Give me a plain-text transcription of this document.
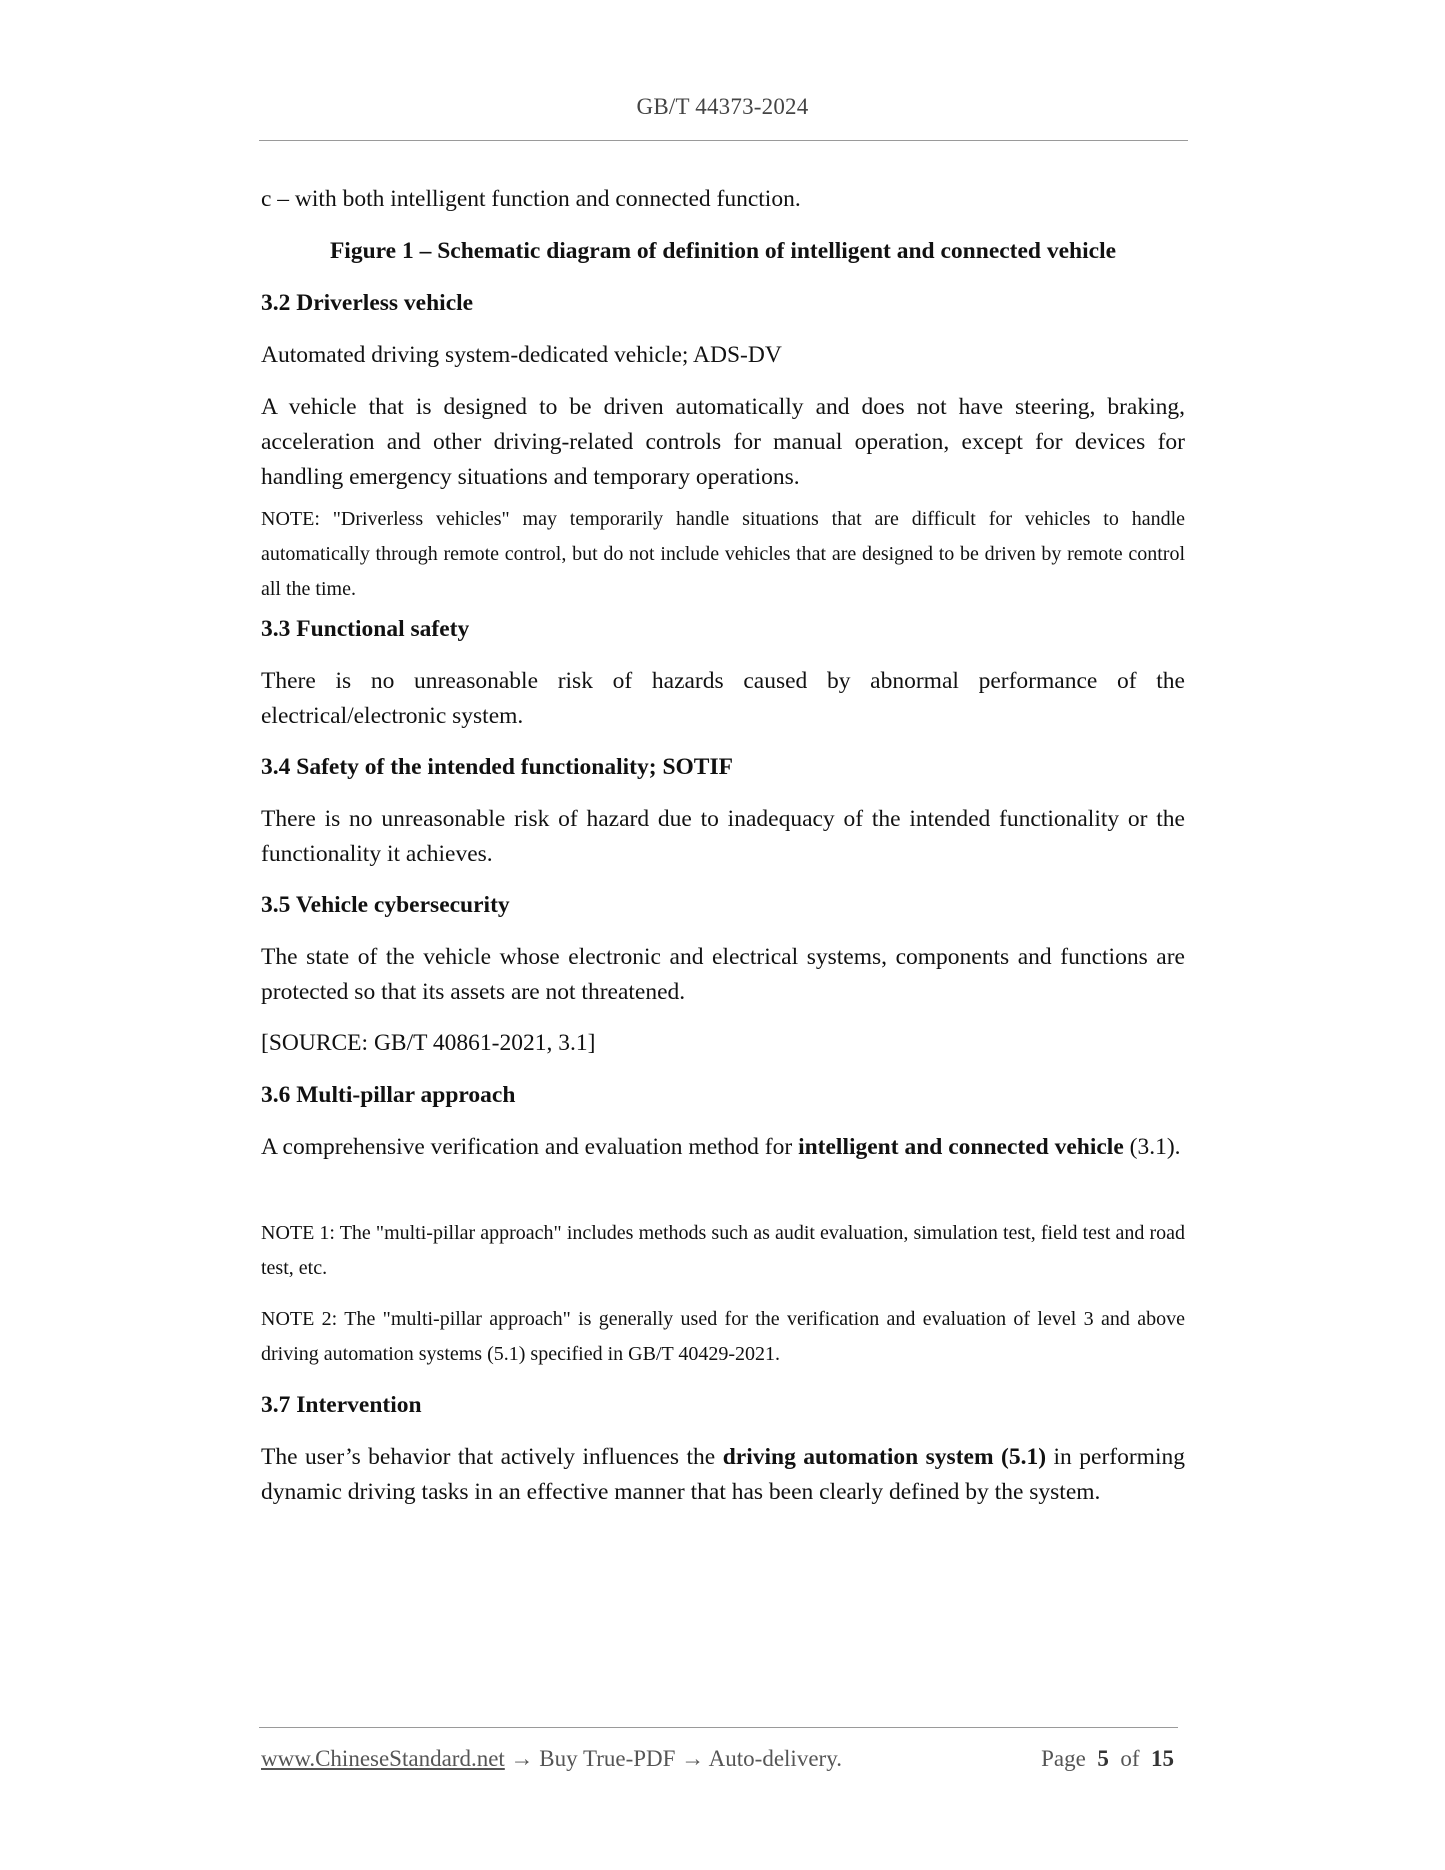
GB/T 44373-2024

c – with both intelligent function and connected function.

Figure 1 – Schematic diagram of definition of intelligent and connected vehicle

3.2 Driverless vehicle

Automated driving system-dedicated vehicle; ADS-DV

A vehicle that is designed to be driven automatically and does not have steering, braking, acceleration and other driving-related controls for manual operation, except for devices for handling emergency situations and temporary operations.

NOTE: "Driverless vehicles" may temporarily handle situations that are difficult for vehicles to handle automatically through remote control, but do not include vehicles that are designed to be driven by remote control all the time.

3.3 Functional safety

There is no unreasonable risk of hazards caused by abnormal performance of the electrical/electronic system.

3.4 Safety of the intended functionality; SOTIF

There is no unreasonable risk of hazard due to inadequacy of the intended functionality or the functionality it achieves.

3.5 Vehicle cybersecurity

The state of the vehicle whose electronic and electrical systems, components and functions are protected so that its assets are not threatened.

[SOURCE: GB/T 40861-2021, 3.1]

3.6 Multi-pillar approach

A comprehensive verification and evaluation method for intelligent and connected vehicle (3.1).

NOTE 1: The "multi-pillar approach" includes methods such as audit evaluation, simulation test, field test and road test, etc.

NOTE 2: The "multi-pillar approach" is generally used for the verification and evaluation of level 3 and above driving automation systems (5.1) specified in GB/T 40429-2021.

3.7 Intervention

The user’s behavior that actively influences the driving automation system (5.1) in performing dynamic driving tasks in an effective manner that has been clearly defined by the system.

www.ChineseStandard.net → Buy True-PDF → Auto-delivery.	Page 5 of 15
